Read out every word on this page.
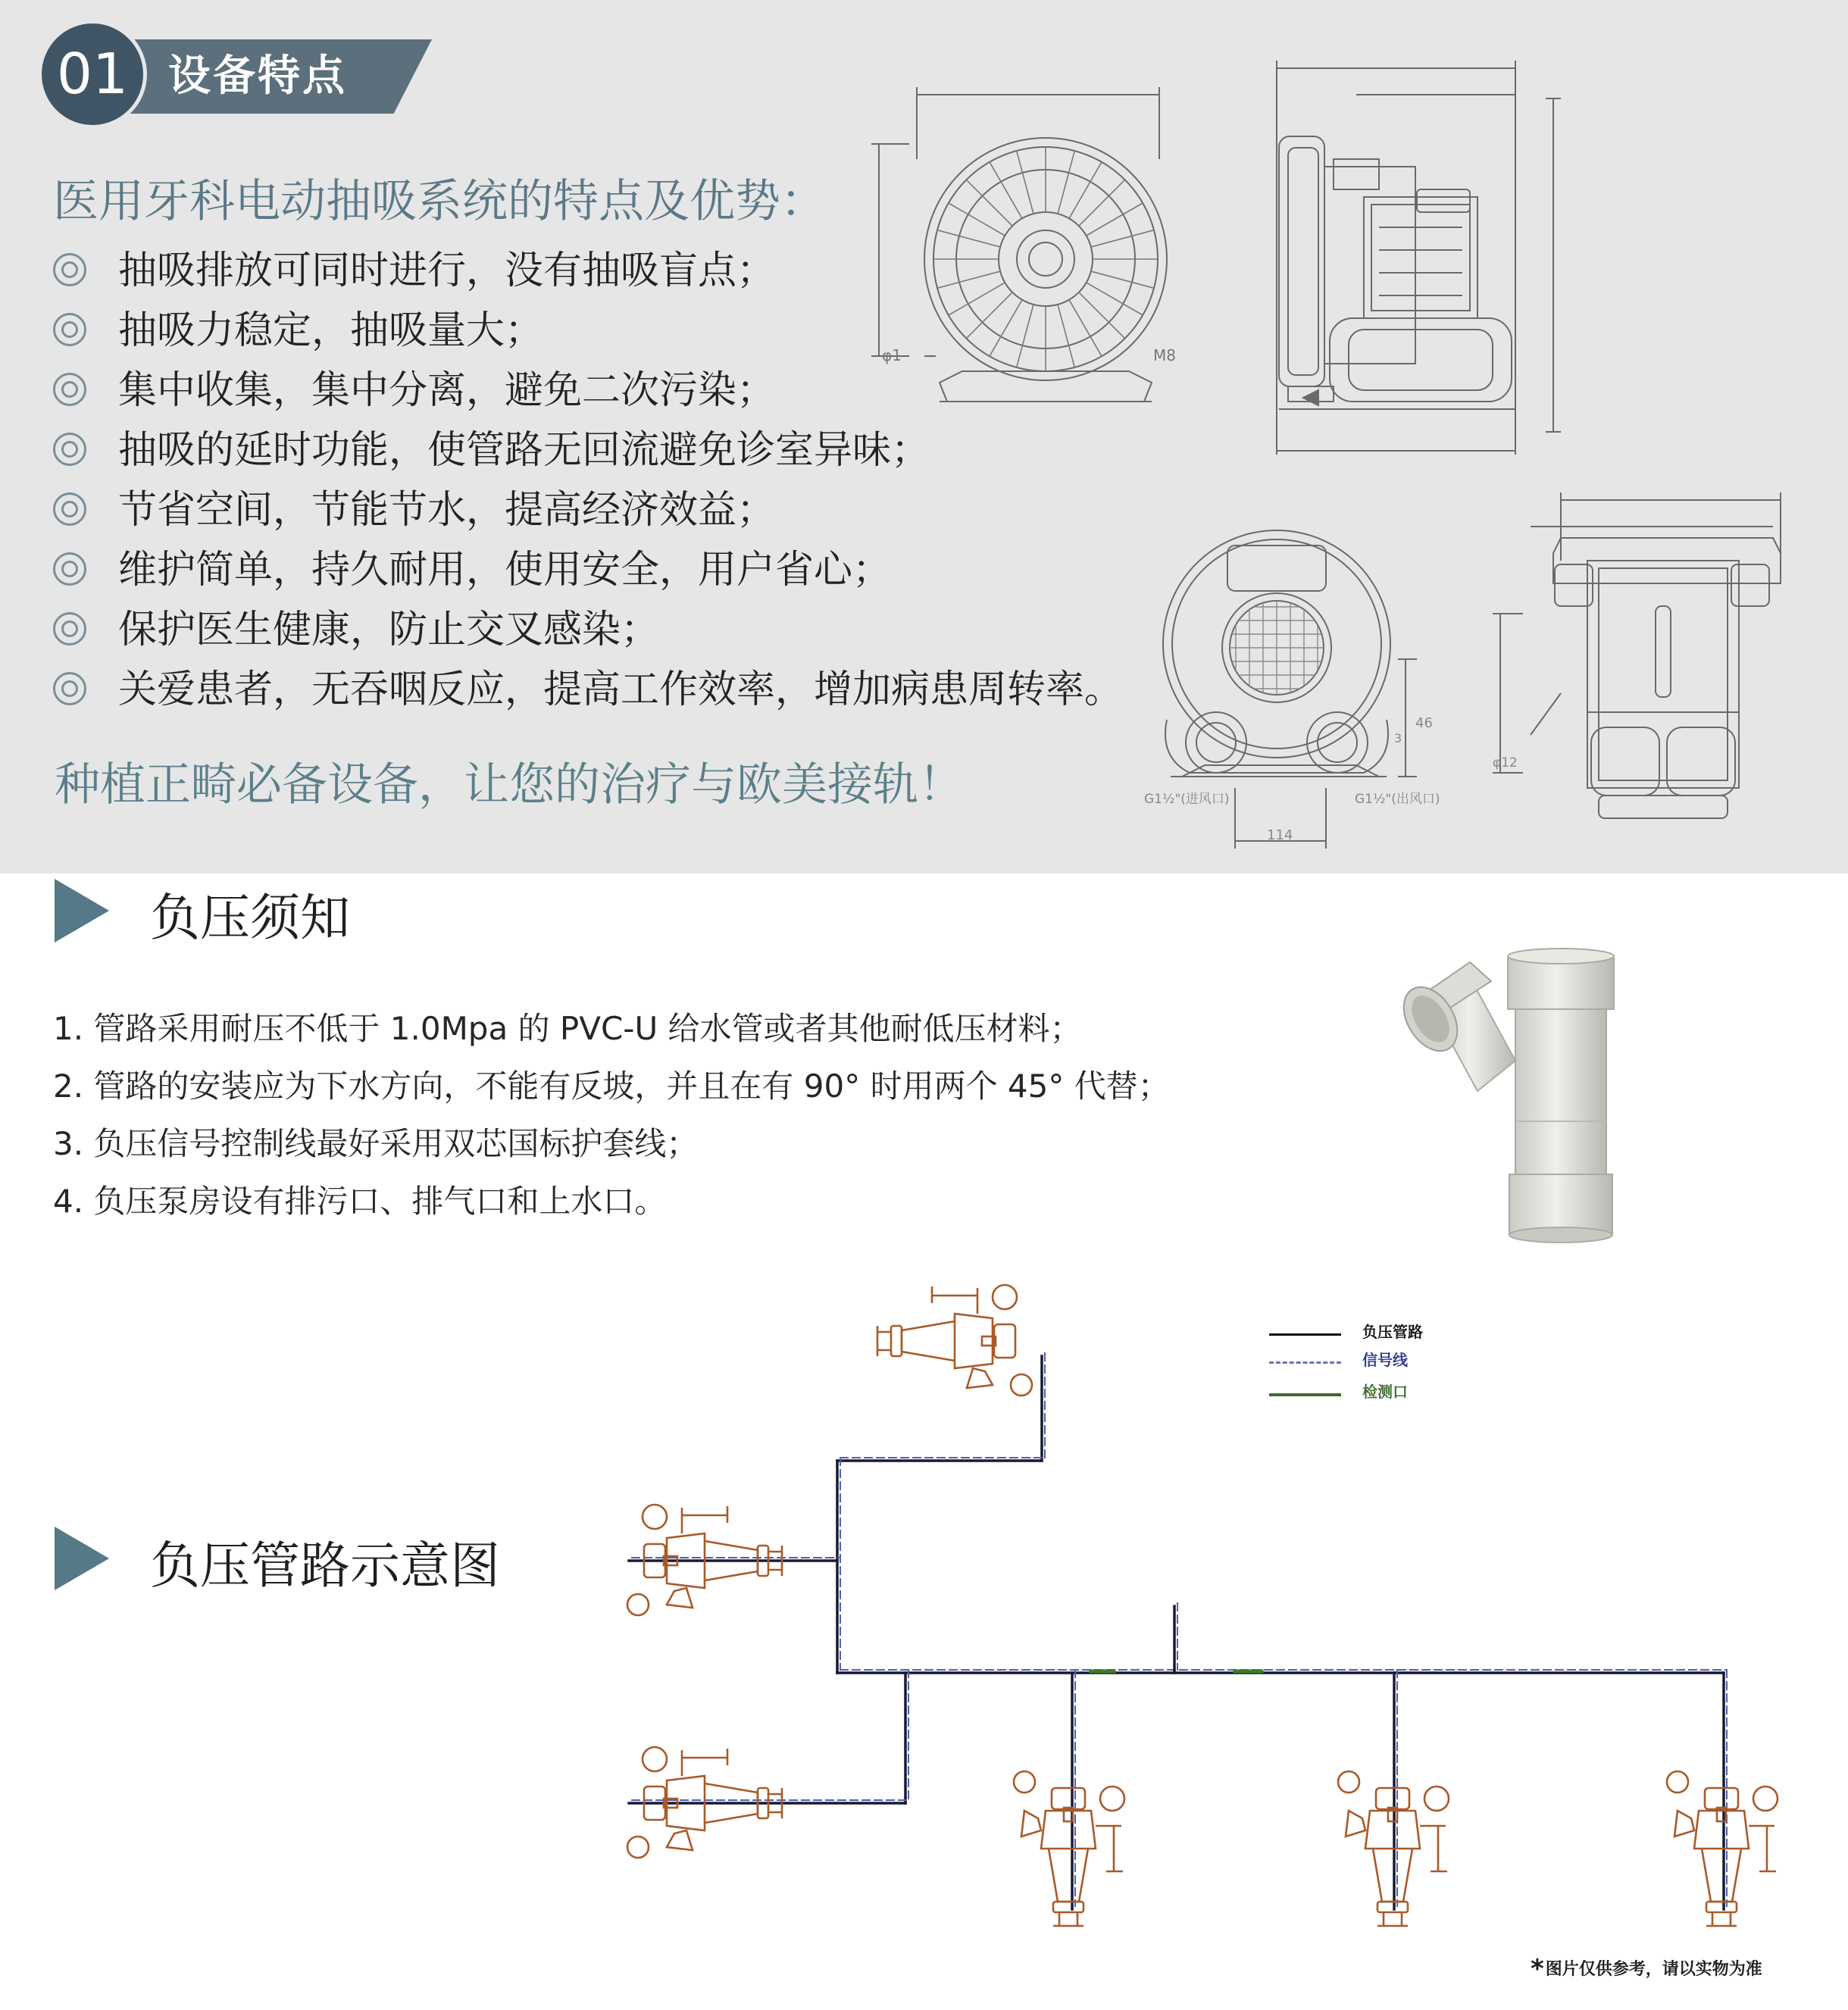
01 设备特点
医用牙科电动抽吸系统的特点及优势：
抽吸排放可同时进行，没有抽吸盲点；
抽吸力稳定，抽吸量大；
集中收集，集中分离，避免二次污染；
抽吸的延时功能，使管路无回流避免诊室异味；
节省空间，节能节水，提高经济效益；
维护简单，持久耐用，使用安全，用户省心；
保护医生健康，防止交叉感染；
关爱患者，无吞咽反应，提高工作效率，增加病患周转率。
种植正畸必备设备，让您的治疗与欧美接轨！
φ1	M8
G1½"(进风口)	G1½"(出风口)
114
46
3
φ12
负压须知
1. 管路采用耐压不低于 1.0Mpa 的 PVC-U 给水管或者其他耐低压材料；
2. 管路的安装应为下水方向，不能有反坡，并且在有 90° 时用两个 45° 代替；
3. 负压信号控制线最好采用双芯国标护套线；
4. 负压泵房设有排污口、排气口和上水口。
负压管路示意图
负压管路
信号线
检测口
*图片仅供参考，请以实物为准
